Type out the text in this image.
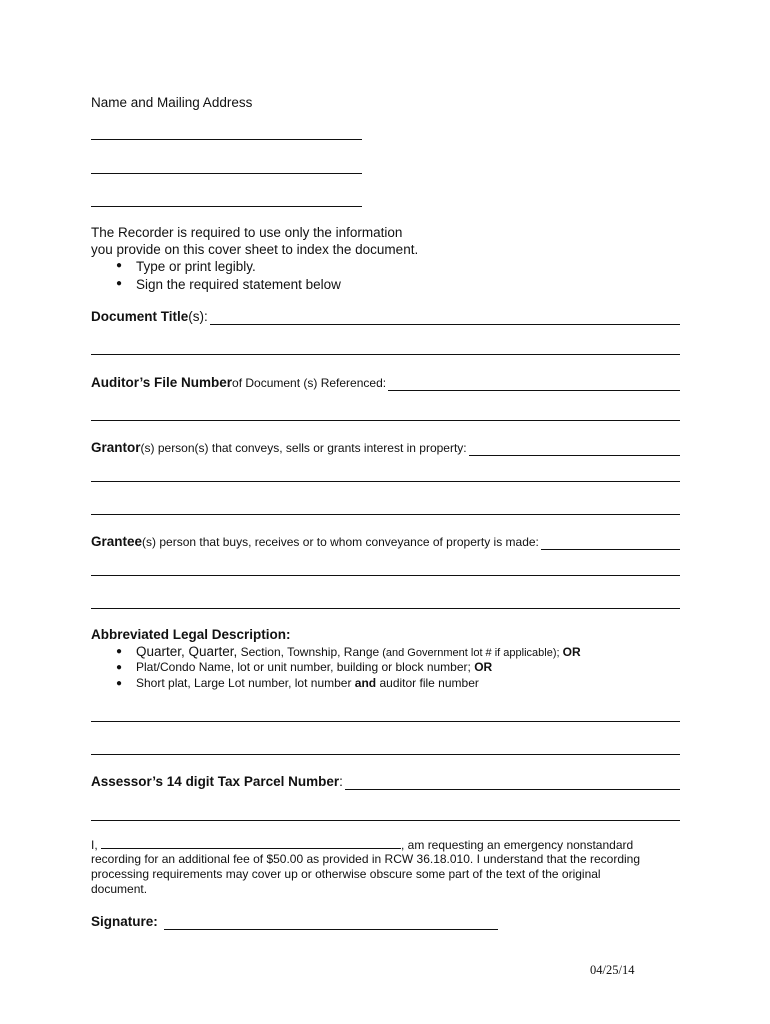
Name and Mailing Address
The Recorder is required to use only the information
you provide on this cover sheet to index the document.
● Type or print legibly.
● Sign the required statement below
Document Title (s):
Auditor’s File Number of Document (s) Referenced:
Grantor (s) person(s) that conveys, sells or grants interest in property:
Grantee (s) person that buys, receives or to whom conveyance of property is made:
Abbreviated Legal Description:
● Quarter, Quarter, Section, Township, Range (and Government lot # if applicable); OR
● Plat/Condo Name, lot or unit number, building or block number; OR
● Short plat, Large Lot number, lot number and auditor file number
Assessor’s 14 digit Tax Parcel Number :
I,	, am requesting an emergency nonstandard
recording for an additional fee of $50.00 as provided in RCW 36.18.010. I understand that the recording
processing requirements may cover up or otherwise obscure some part of the text of the original
document.
Signature:
04/25/14
